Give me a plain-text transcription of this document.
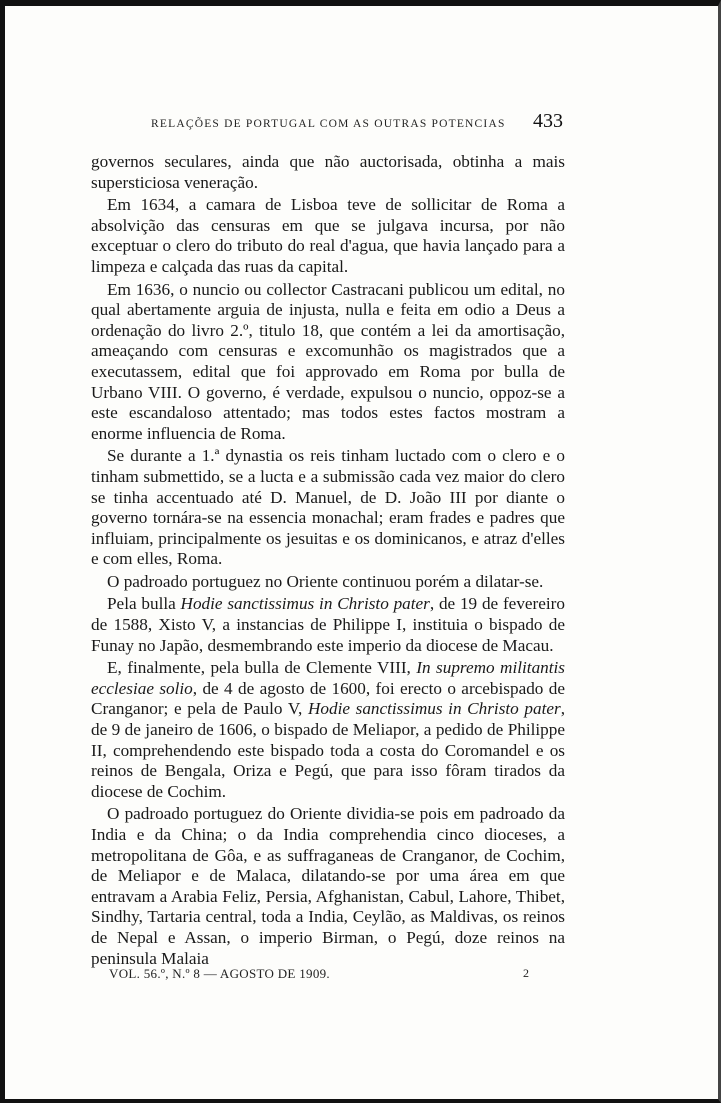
RELAÇÕES DE PORTUGAL COM AS OUTRAS POTENCIAS 433

governos seculares, ainda que não auctorisada, obtinha a mais supersticiosa veneração.

Em 1634, a camara de Lisboa teve de sollicitar de Roma a absolvição das censuras em que se julgava incursa, por não exceptuar o clero do tributo do real d'agua, que havia lançado para a limpeza e calçada das ruas da capital.

Em 1636, o nuncio ou collector Castracani publicou um edital, no qual abertamente arguia de injusta, nulla e feita em odio a Deus a ordenação do livro 2.º, titulo 18, que contém a lei da amortisação, ameaçando com censuras e excomunhão os magistrados que a executassem, edital que foi approvado em Roma por bulla de Urbano VIII. O governo, é verdade, expulsou o nuncio, oppoz-se a este escandaloso attentado; mas todos estes factos mostram a enorme influencia de Roma.

Se durante a 1.ª dynastia os reis tinham luctado com o clero e o tinham submettido, se a lucta e a submissão cada vez maior do clero se tinha accentuado até D. Manuel, de D. João III por diante o governo tornára-se na essencia monachal; eram frades e padres que influiam, principalmente os jesuitas e os dominicanos, e atraz d'elles e com elles, Roma.

O padroado portuguez no Oriente continuou porém a dilatar-se.

Pela bulla Hodie sanctissimus in Christo pater, de 19 de fevereiro de 1588, Xisto V, a instancias de Philippe I, instituia o bispado de Funay no Japão, desmembrando este imperio da diocese de Macau.

E, finalmente, pela bulla de Clemente VIII, In supremo militantis ecclesiae solio, de 4 de agosto de 1600, foi erecto o arcebispado de Cranganor; e pela de Paulo V, Hodie sanctissimus in Christo pater, de 9 de janeiro de 1606, o bispado de Meliapor, a pedido de Philippe II, comprehendendo este bispado toda a costa do Coromandel e os reinos de Bengala, Oriza e Pegú, que para isso fôram tirados da diocese de Cochim.

O padroado portuguez do Oriente dividia-se pois em padroado da India e da China; o da India comprehendia cinco dioceses, a metropolitana de Gôa, e as suffraganeas de Cranganor, de Cochim, de Meliapor e de Malaca, dilatando-se por uma área em que entravam a Arabia Feliz, Persia, Afghanistan, Cabul, Lahore, Thibet, Sindhy, Tartaria central, toda a India, Ceylão, as Maldivas, os reinos de Nepal e Assan, o imperio Birman, o Pegú, doze reinos na peninsula Malaia

VOL. 56.º, N.º 8 — AGOSTO DE 1909.	2
